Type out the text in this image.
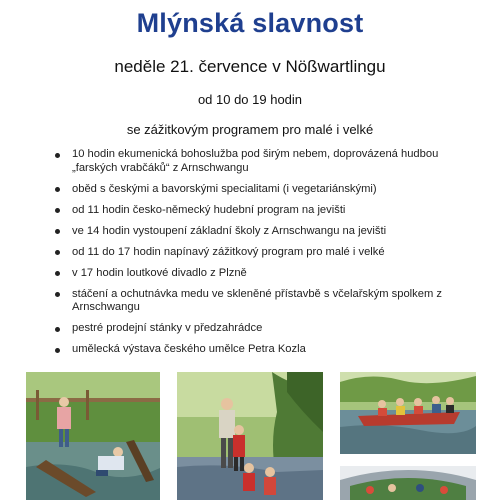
Mlýnská slavnost
neděle 21. července v Nößwartlingu
od 10 do 19 hodin
se zážitkovým programem pro malé i velké
10 hodin ekumenická bohoslužba pod širým nebem, doprovázená hudbou „farských vrabčáků“ z Arnschwangu
oběd s českými a bavorskými specialitami (i vegetariánskými)
od 11 hodin česko-německý hudební program na jevišti
ve 14 hodin vystoupení základní školy z Arnschwangu na jevišti
od 11 do 17 hodin napínavý zážitkový program pro malé i velké
v 17 hodin loutkové divadlo z Plzně
stáčení a ochutnávka medu ve skleněné přístavbě s včelařským spolkem z Arnschwangu
pestré prodejní stánky v předzahrádce
umělecká výstava českého umělce Petra Kozla
